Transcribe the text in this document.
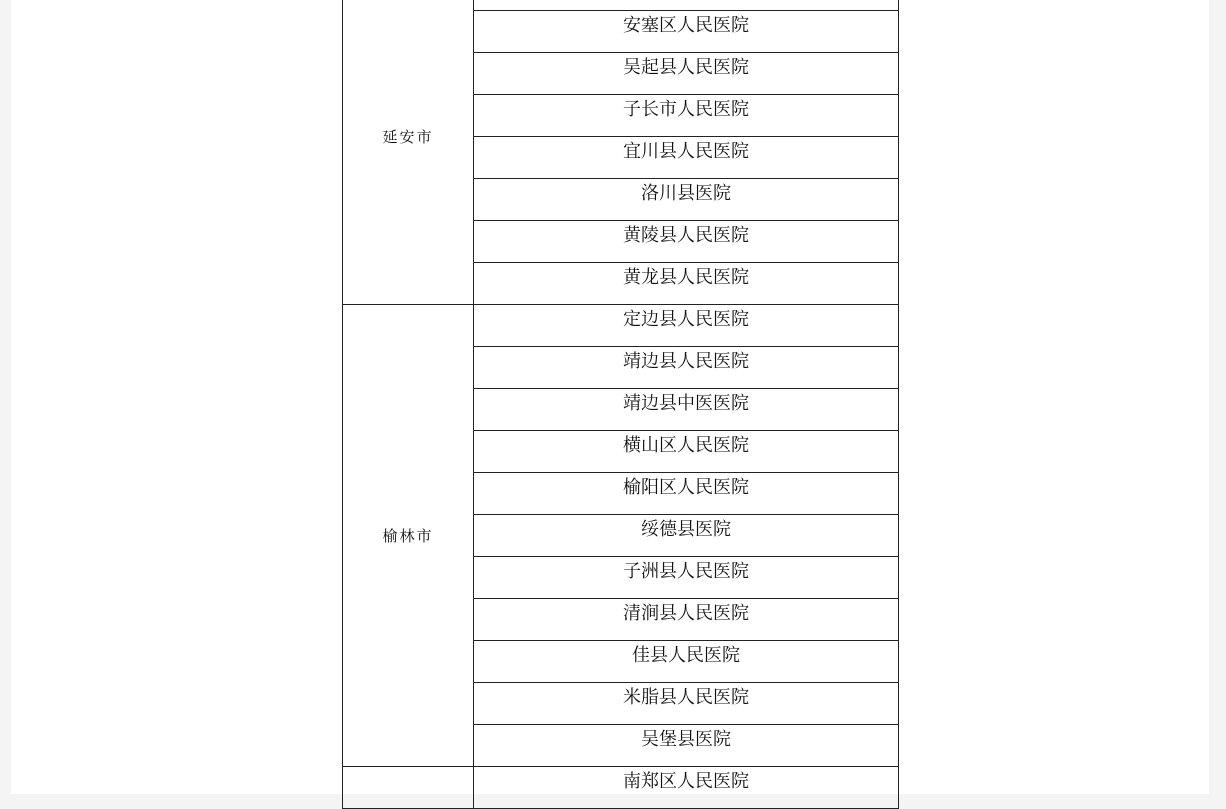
延安市	
	安塞区人民医院
	吴起县人民医院
	子长市人民医院
	宜川县人民医院
	洛川县医院
	黄陵县人民医院
	黄龙县人民医院
榆林市	定边县人民医院
	靖边县人民医院
	靖边县中医医院
	横山区人民医院
	榆阳区人民医院
	绥德县医院
	子洲县人民医院
	清涧县人民医院
	佳县人民医院
	米脂县人民医院
	吴堡县医院
	南郑区人民医院
